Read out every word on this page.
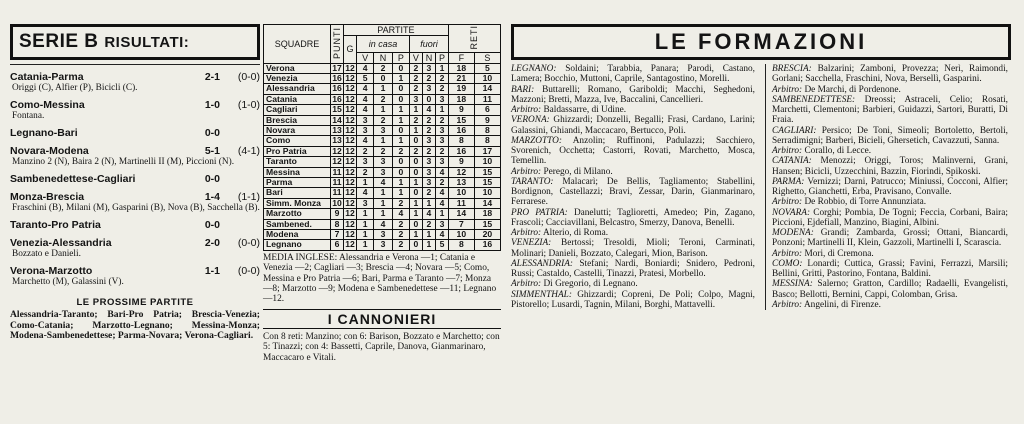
SERIE B RISULTATI:
Catania-Parma	2-1	(0-0)
Origgi (C), Alfier (P), Bicicli (C).
Como-Messina	1-0	(1-0)
Fontana.
Legnano-Bari	0-0
Novara-Modena	5-1	(4-1)
Manzino 2 (N), Baira 2 (N), Martinelli II (M), Piccioni (N).
Sambenedettese-Cagliari	0-0
Monza-Brescia	1-4	(1-1)
Fraschini (B), Milani (M), Gasparini (B), Nova (B), Sacchella (B).
Taranto-Pro Patria	0-0
Venezia-Alessandria	2-0	(0-0)
Bozzato e Danieli.
Verona-Marzotto	1-1	(0-0)
Marchetto (M), Galassini (V).
LE PROSSIME PARTITE
Alessandria-Taranto; Bari-Pro Patria; Brescia-Venezia; Como-Catania; Marzotto-Legnano; Messina-Monza; Modena-Sambenedettese; Parma-Novara; Verona-Cagliari.
SQUADRE	PUNTI	PARTITE							RETI	
		G	in casa			fuori				
			V	N	P	V	N	P	F	S
Verona	17	12	4	2	0	2	3	1	18	5
Venezia	16	12	5	0	1	2	2	2	21	10
Alessandria	16	12	4	1	0	2	3	2	19	14
Catania	16	12	4	2	0	3	0	3	18	11
Cagliari	15	12	4	1	1	1	4	1	9	6
Brescia	14	12	3	2	1	2	2	2	15	9
Novara	13	12	3	3	0	1	2	3	16	8
Como	13	12	4	1	1	0	3	3	8	8
Pro Patria	12	12	2	2	2	2	2	2	16	17
Taranto	12	12	3	3	0	0	3	3	9	10
Messina	11	12	2	3	0	0	3	4	12	15
Parma	11	12	1	4	1	1	3	2	13	15
Bari	11	12	4	1	1	0	2	4	10	10
Simm. Monza	10	12	3	1	2	1	1	4	11	14
Marzotto	9	12	1	1	4	1	4	1	14	18
Sambened.	8	12	1	4	2	0	2	3	7	15
Modena	7	12	1	3	2	1	1	4	10	20
Legnano	6	12	1	3	2	0	1	5	8	16
MEDIA INGLESE: Alessandria e Verona —1; Catania e Venezia —2; Cagliari —3; Brescia —4; Novara —5; Como, Messina e Pro Patria —6; Bari, Parma e Taranto —7; Monza —8; Marzotto —9; Modena e Sambenedettese —11; Legnano —12.
I CANNONIERI
Con 8 reti: Manzino; con 6: Barison, Bozzato e Marchetto; con 5: Tinazzi; con 4: Bassetti, Caprile, Danova, Gianmarinaro, Maccacaro e Vitali.
LE FORMAZIONI

LEGNANO: Soldaini; Tarabbia, Panara; Parodi, Castano, Lamera; Bocchio, Muttoni, Caprile, Santagostino, Morelli.

BARI: Buttarelli; Romano, Gariboldi; Macchi, Seghedoni, Mazzoni; Bretti, Mazza, Ive, Baccalini, Cancellieri.

Arbitro: Baldassarre, di Udine.

VERONA: Ghizzardi; Donzelli, Begalli; Frasi, Cardano, Larini; Galassini, Ghiandi, Maccacaro, Bertucco, Poli.

MARZOTTO: Anzolin; Ruffinoni, Padulazzi; Sacchiero, Svorenich, Occhetta; Castorri, Rovati, Marchetto, Mosca, Temellin.

Arbitro: Perego, di Milano.

TARANTO: Malacarì; De Bellis, Tagliamento; Stabellini, Bordignon, Castellazzi; Bravi, Zessar, Darin, Gianmarinaro, Ferrarese.

PRO PATRIA: Danelutti; Taglioretti, Amedeo; Pin, Zagano, Frascoli; Cacciavillani, Belcastro, Smerzy, Danova, Benelli.

Arbitro: Alterio, di Roma.

VENEZIA: Bertossi; Tresoldi, Mioli; Teroni, Carminati, Molinari; Danieli, Bozzato, Calegari, Mion, Barison.

ALESSANDRIA: Stefani; Nardi, Boniardi; Snidero, Pedroni, Russi; Castaldo, Castelli, Tinazzi, Pratesi, Morbello.

Arbitro: Di Gregorio, di Legnano.

SIMMENTHAL: Ghizzardi; Copreni, De Poli; Colpo, Magni, Pistorello; Lusardi, Tagnin, Milani, Borghi, Mattavelli.

BRESCIA: Balzarini; Zamboni, Provezza; Nerì, Raimondi, Gorlani; Sacchella, Fraschini, Nova, Bersellì, Gasparini.

Arbitro: De Marchi, di Pordenone.

SAMBENEDETTESE: Dreossi; Astraceli, Celio; Rosati, Marchetti, Clementoni; Barbieri, Guidazzi, Sartori, Buratti, Di Fraia.

CAGLIARI: Persico; De Toni, Simeoli; Bortoletto, Bertoli, Serradimigni; Barberi, Bicieli, Ghersetich, Cavazzuti, Sanna.

Arbitro: Corallo, di Lecce.

CATANIA: Menozzi; Origgi, Toros; Malinverni, Grani, Hansen; Bicicli, Uzzecchini, Bazzin, Fiorindi, Spikoski.

PARMA: Vernizzi; Darni, Patrucco; Miniussi, Cocconi, Alfier; Righetto, Gianchetti, Erba, Pravisano, Convalle.

Arbitro: De Robbio, di Torre Annunziata.

NOVARA: Corghi; Pombia, De Togni; Feccia, Corbani, Baira; Piccioni, Ejdefiall, Manzino, Biagini, Albini.

MODENA: Grandi; Zambarda, Grossi; Ottani, Biancardi, Ponzoni; Martinelli II, Klein, Gazzoli, Martinelli I, Scarascia.

Arbitro: Mori, di Cremona.

COMO: Lonardi; Cuttica, Grassi; Favini, Ferrazzi, Marsili; Bellini, Gritti, Pastorino, Fontana, Baldini.

MESSINA: Salerno; Gratton, Cardillo; Radaelli, Evangelisti, Basco; Bellotti, Bernini, Cappi, Colomban, Grisa.

Arbitro: Angelini, di Firenze.
